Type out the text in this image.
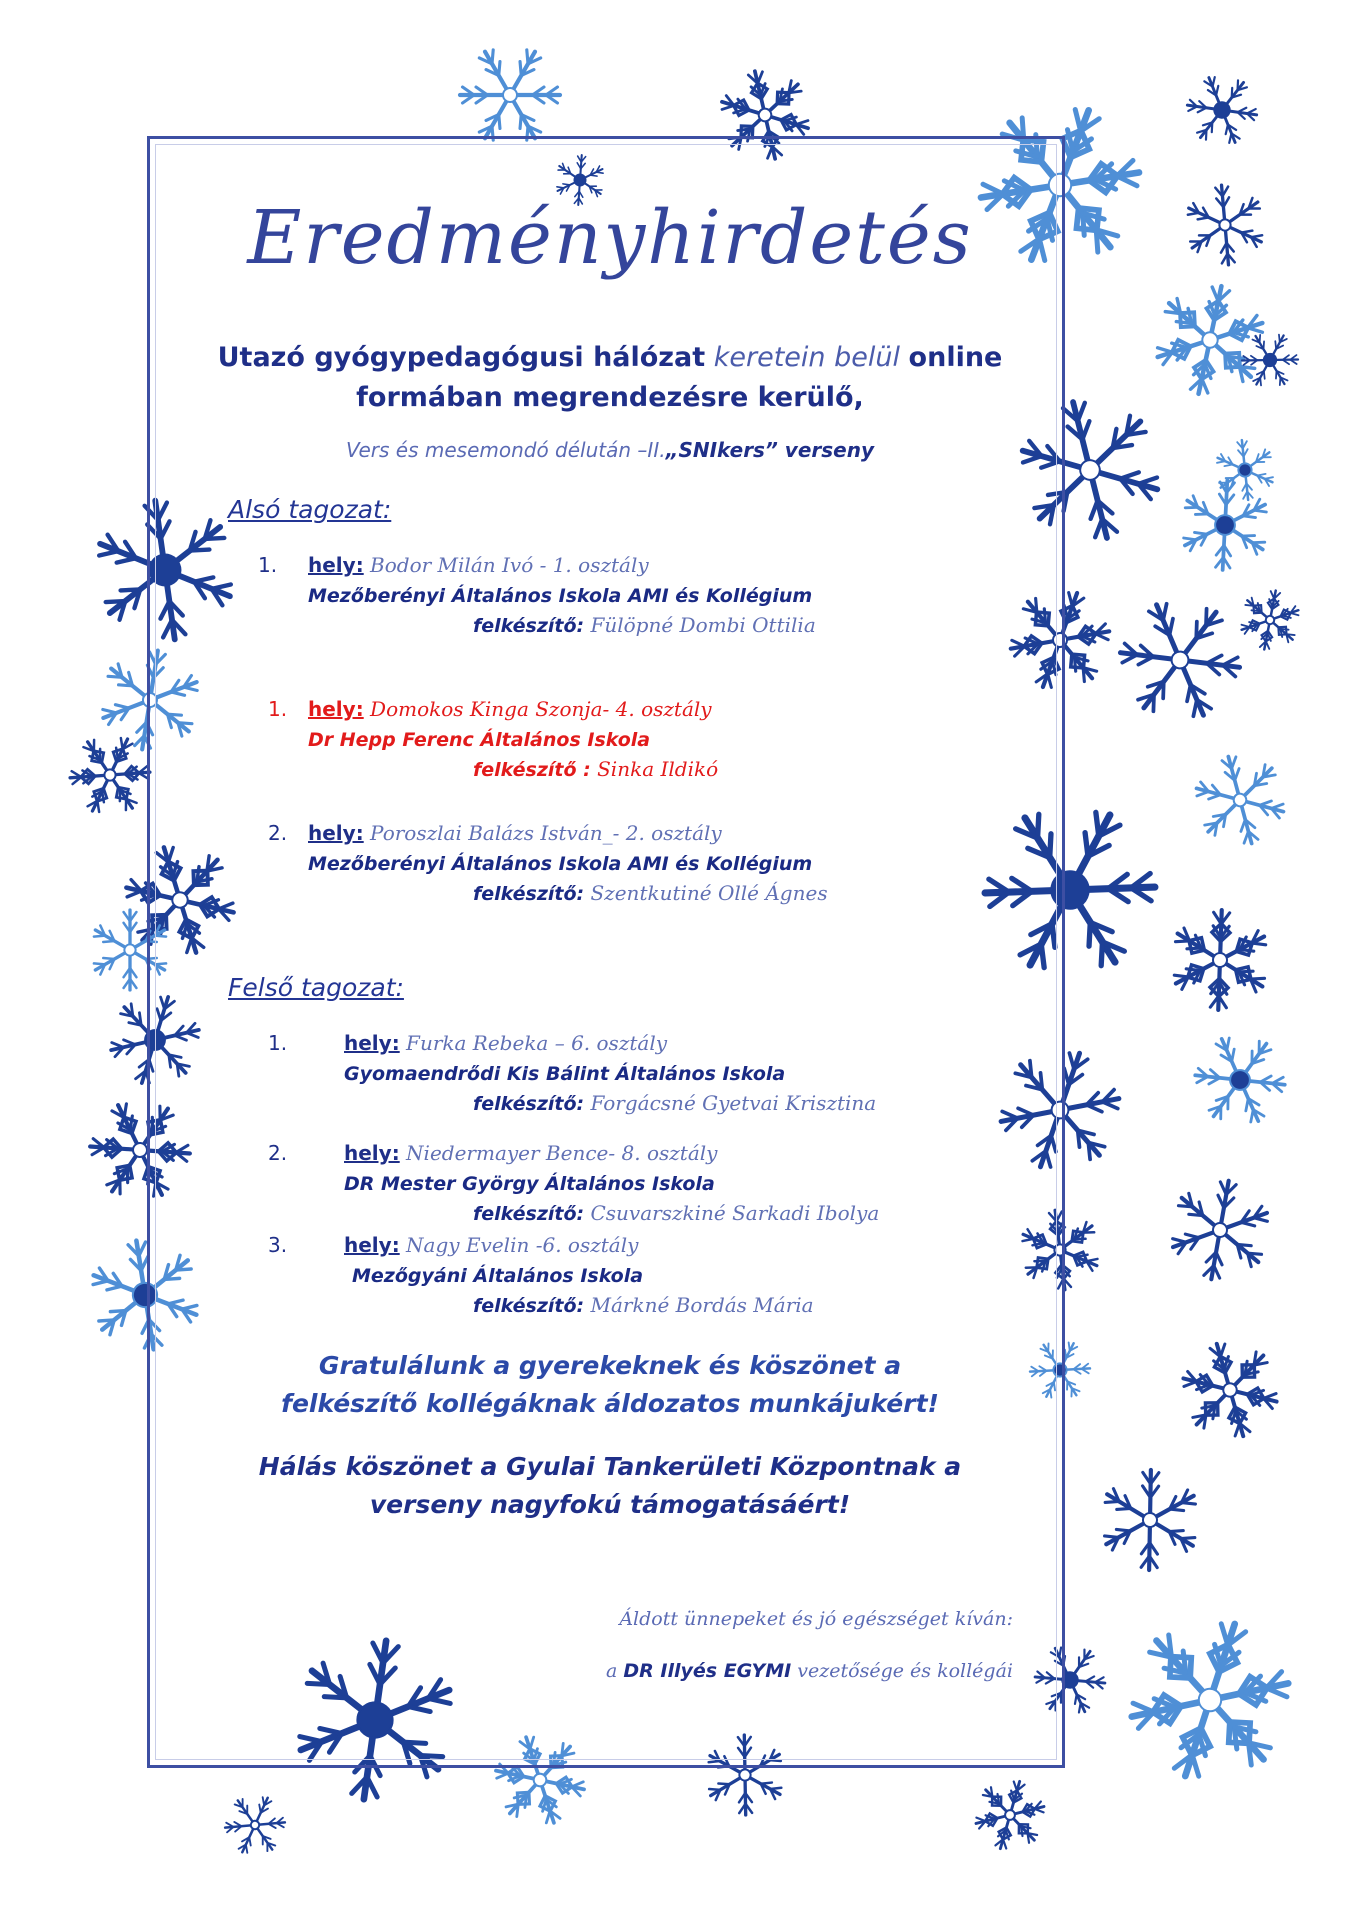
Eredményhirdetés
Utazó gyógypedagógusi hálózat keretein belül online
formában megrendezésre kerülő,
Vers és mesemondó délután –II.„SNIkers” verseny
Alsó tagozat:
1. hely: Bodor Milán Ivó - 1. osztály
Mezőberényi Általános Iskola AMI és Kollégium
felkészítő: Fülöpné Dombi Ottilia
1. hely: Domokos Kinga Szonja- 4. osztály
Dr Hepp Ferenc Általános Iskola
felkészítő : Sinka Ildikó
2. hely: Poroszlai Balázs István_- 2. osztály
Mezőberényi Általános Iskola AMI és Kollégium
felkészítő: Szentkutiné Ollé Ágnes
Felső tagozat:
1.	hely: Furka Rebeka – 6. osztály
Gyomaendrődi Kis Bálint Általános Iskola
felkészítő: Forgácsné Gyetvai Krisztina
2.	hely: Niedermayer Bence- 8. osztály
DR Mester György Általános Iskola
felkészítő: Csuvarszkiné Sarkadi Ibolya
3.	hely: Nagy Evelin -6. osztály
Mezőgyáni Általános Iskola
felkészítő: Márkné Bordás Mária
Gratulálunk a gyerekeknek és köszönet a
felkészítő kollégáknak áldozatos munkájukért!
Hálás köszönet a Gyulai Tankerületi Központnak a
verseny nagyfokú támogatásáért!
Áldott ünnepeket és jó egészséget kíván:
a DR Illyés EGYMI vezetősége és kollégái
